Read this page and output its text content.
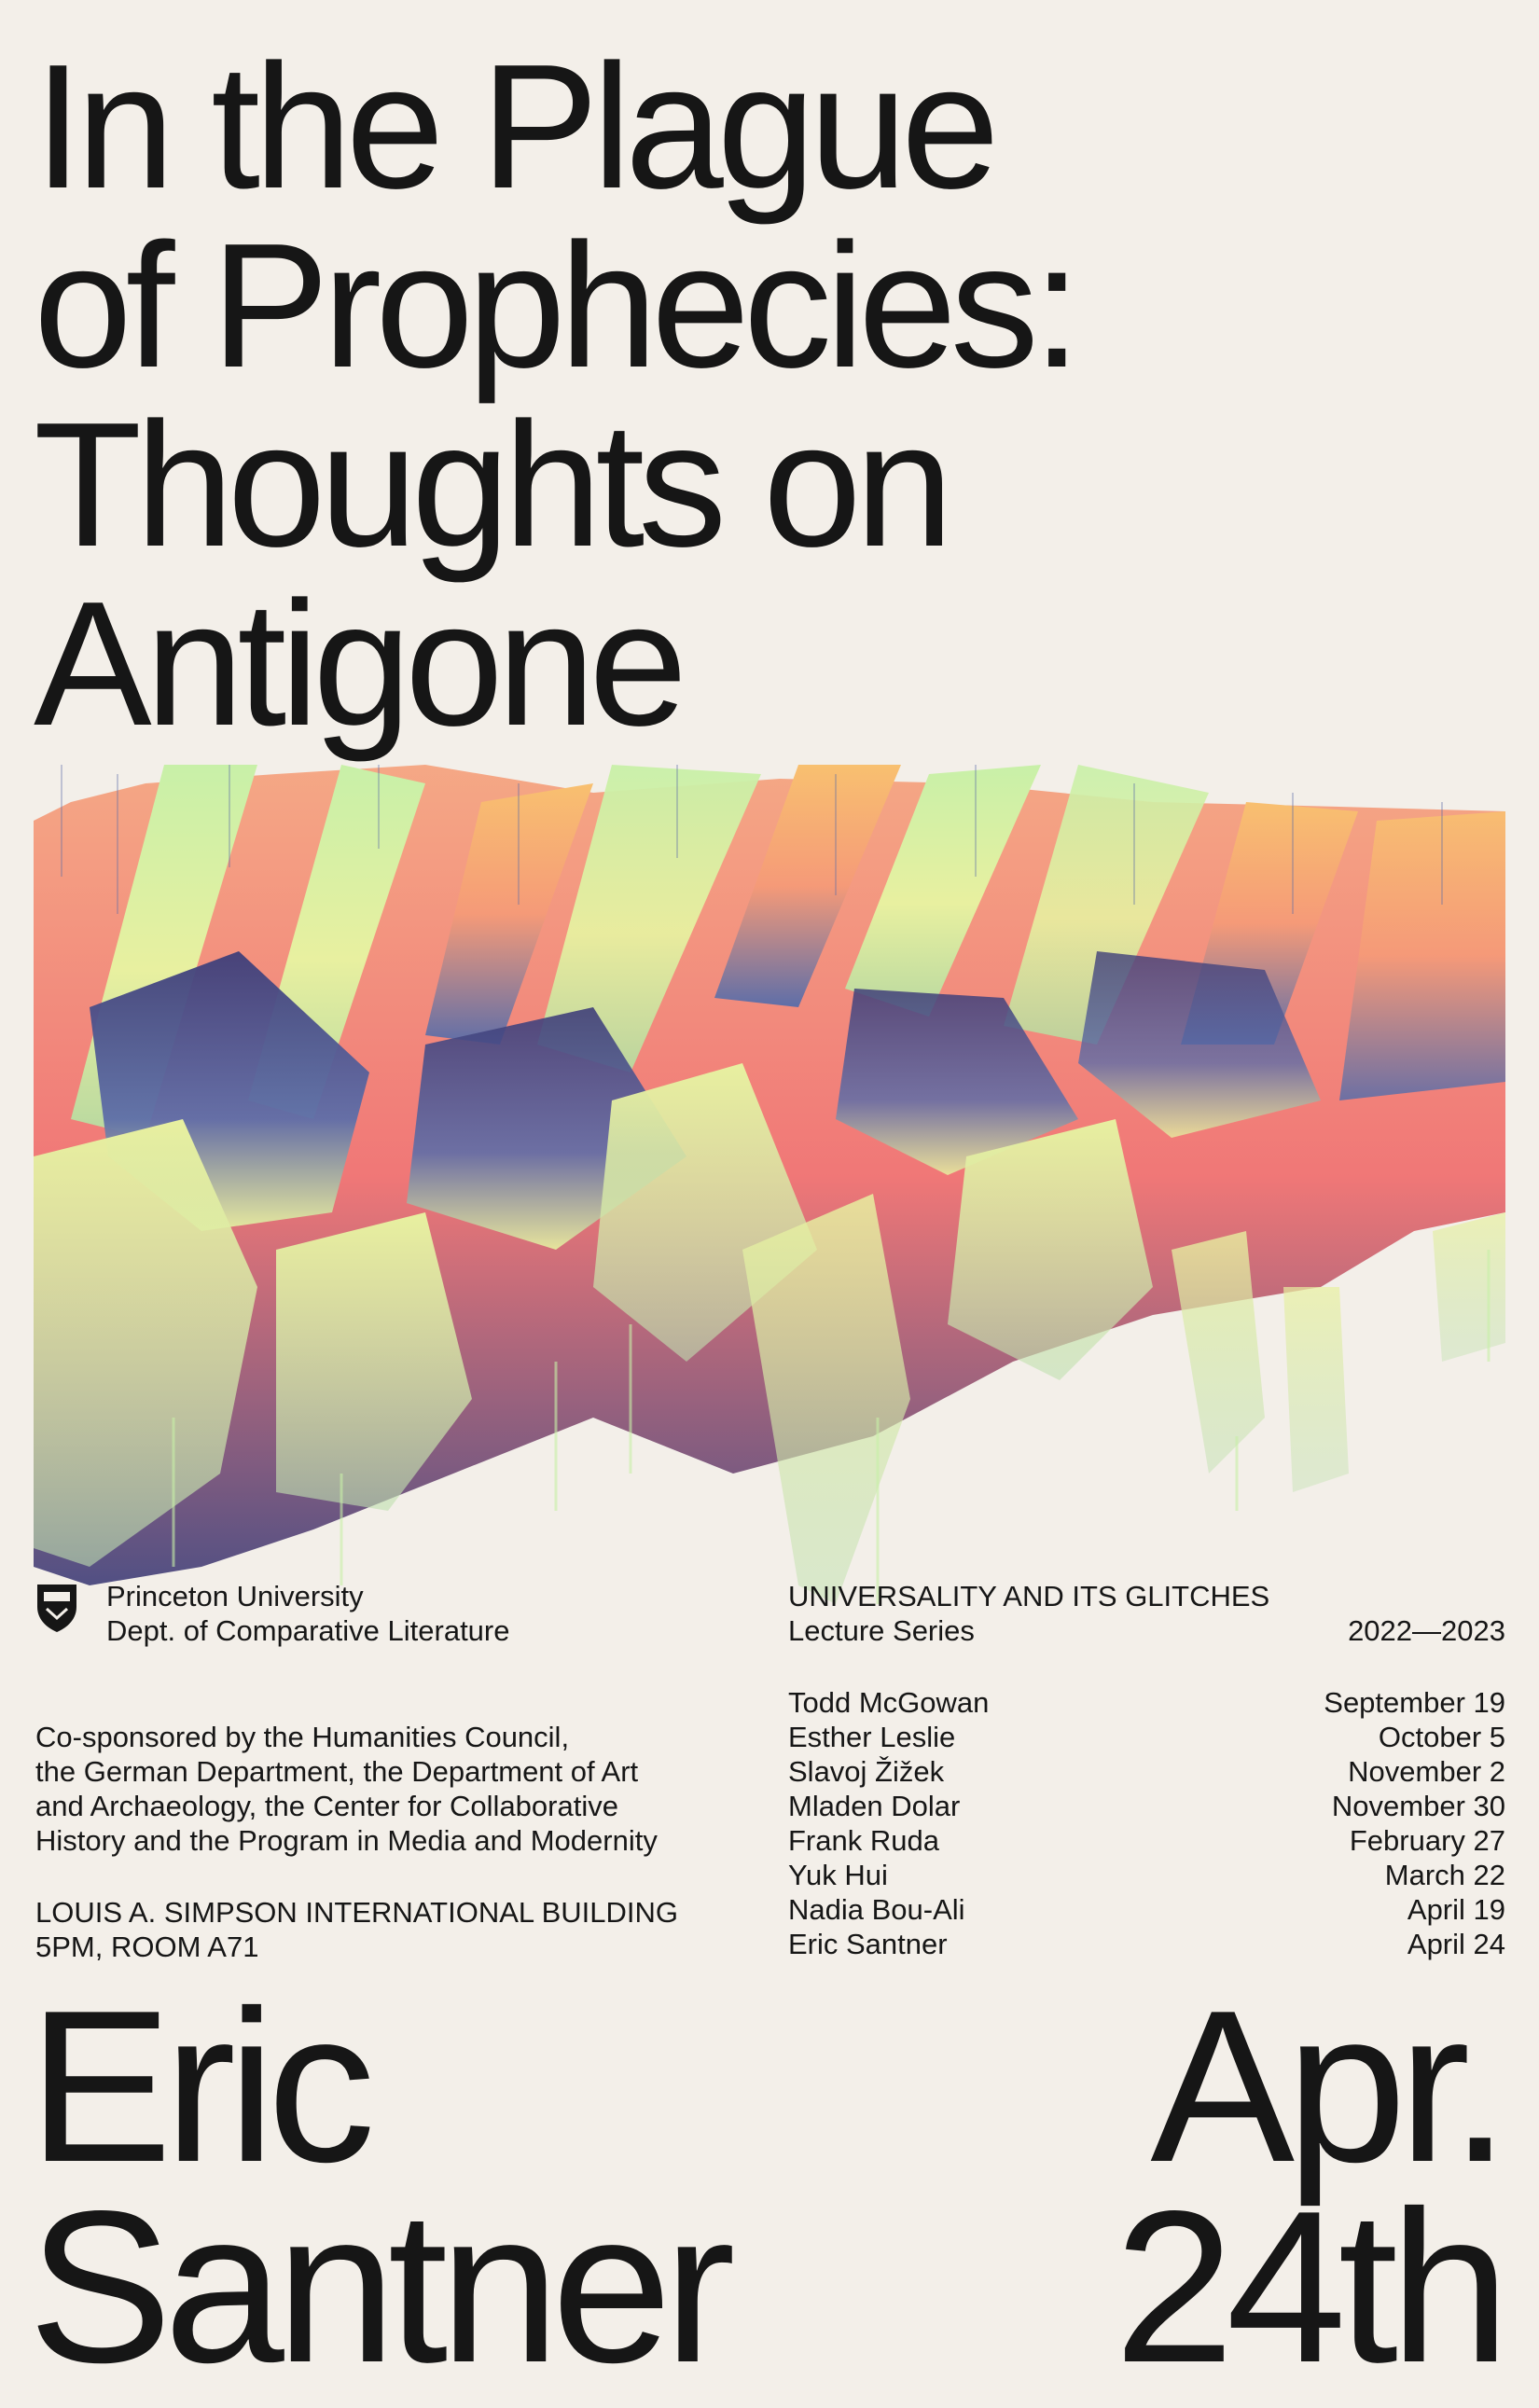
In the Plague
of Prophecies:
Thoughts on
Antigone
Princeton University
Dept. of Comparative Literature
UNIVERSALITY AND ITS GLITCHES
Lecture Series	2022—2023
Todd McGowan
Esther Leslie
Slavoj Žižek
Mladen Dolar
Frank Ruda
Yuk Hui
Nadia Bou-Ali
Eric Santner
September 19
October 5
November 2
November 30
February 27
March 22
April 19
April 24
Co-sponsored by the Humanities Council,
the German Department, the Department of Art
and Archaeology, the Center for Collaborative
History and the Program in Media and Modernity
LOUIS A. SIMPSON INTERNATIONAL BUILDING
5PM, ROOM A71
Eric
Santner
Apr.
24th
